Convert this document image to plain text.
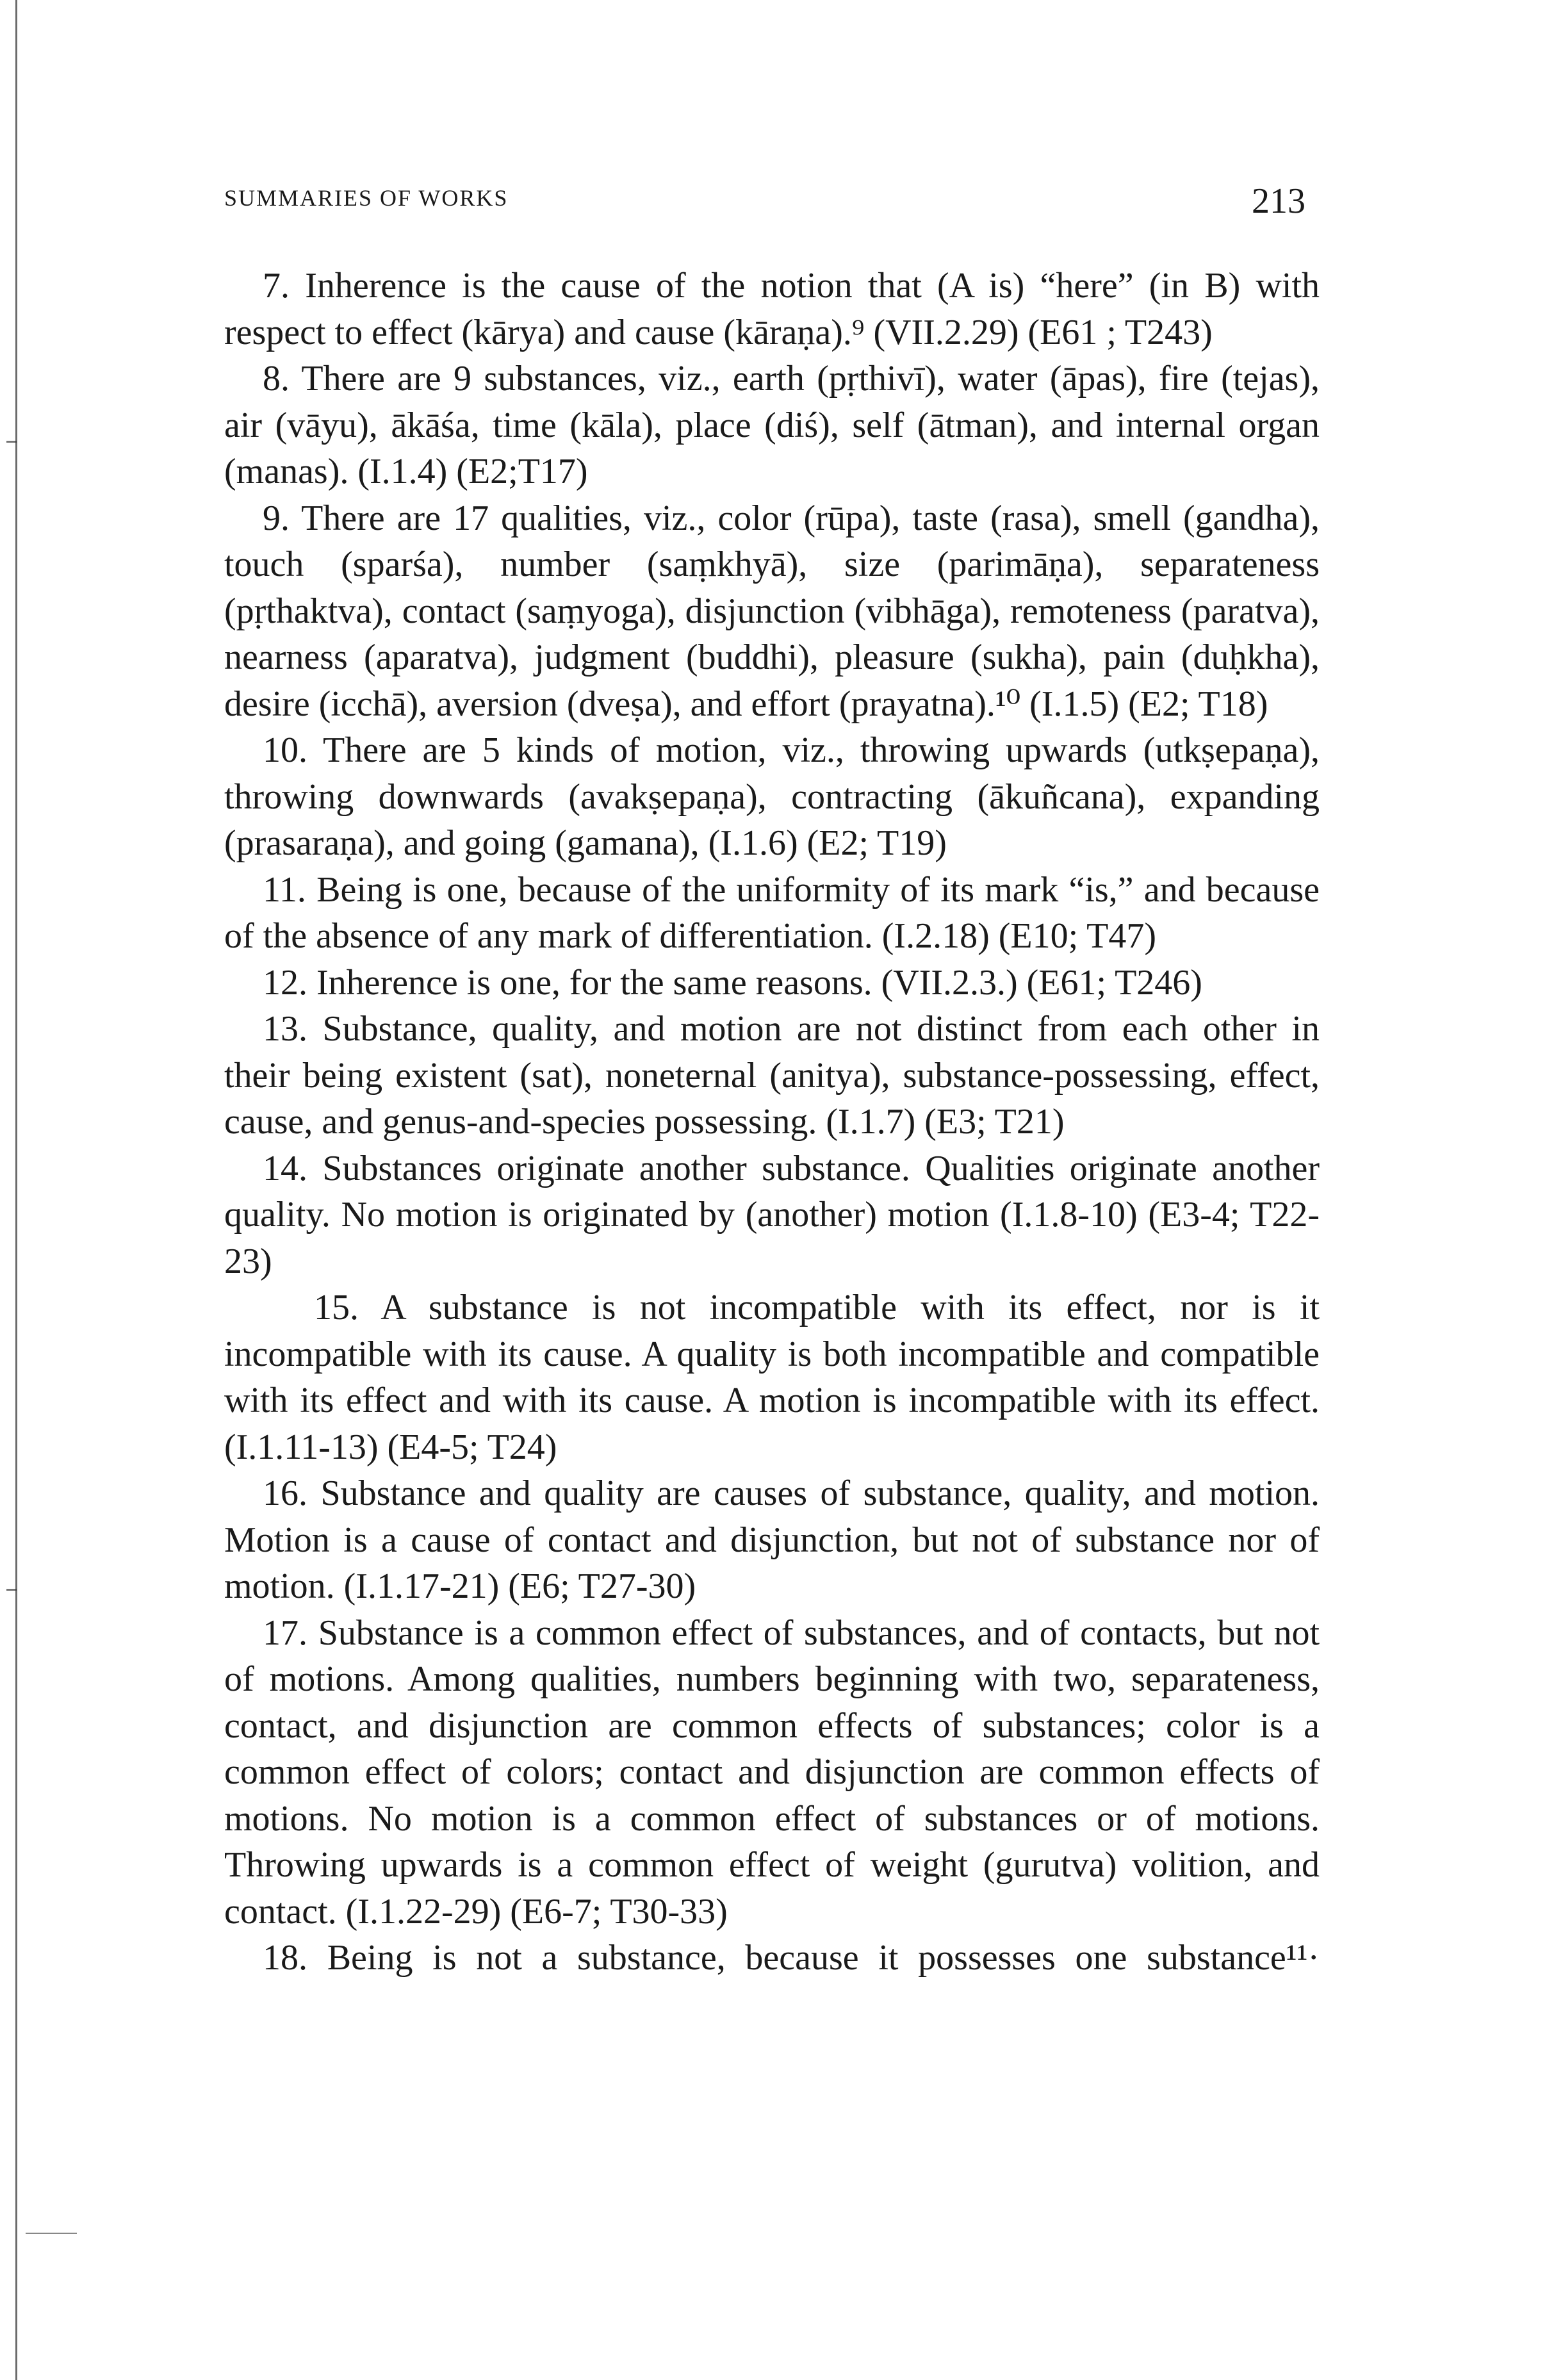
SUMMARIES OF WORKS	213

7. Inherence is the cause of the notion that (A is) “here” (in B) with respect to effect (kārya) and cause (kāraṇa).⁹ (VII.2.29) (E61 ; T243)

8. There are 9 substances, viz., earth (pṛthivī), water (āpas), fire (tejas), air (vāyu), ākāśa, time (kāla), place (diś), self (ātman), and internal organ (manas). (I.1.4) (E2;T17)

9. There are 17 qualities, viz., color (rūpa), taste (rasa), smell (gandha), touch (sparśa), number (saṃkhyā), size (parimāṇa), separateness (pṛthaktva), contact (saṃyoga), disjunction (vibhāga), remoteness (paratva), nearness (aparatva), judgment (buddhi), pleasure (sukha), pain (duḥkha), desire (icchā), aversion (dveṣa), and effort (prayatna).¹⁰ (I.1.5) (E2; T18)

10. There are 5 kinds of motion, viz., throwing upwards (utkṣepaṇa), throwing downwards (avakṣepaṇa), contracting (ākuñcana), expanding (prasaraṇa), and going (gamana), (I.1.6) (E2; T19)

11. Being is one, because of the uniformity of its mark “is,” and because of the absence of any mark of differentiation. (I.2.18) (E10; T47)

12. Inherence is one, for the same reasons. (VII.2.3.) (E61; T246)

13. Substance, quality, and motion are not distinct from each other in their being existent (sat), noneternal (anitya), substance-possessing, effect, cause, and genus-and-species possessing. (I.1.7) (E3; T21)

14. Substances originate another substance. Qualities originate another quality. No motion is originated by (another) motion (I.1.8-10) (E3-4; T22-23)

15. A substance is not incompatible with its effect, nor is it incompatible with its cause. A quality is both incompatible and compatible with its effect and with its cause. A motion is incompatible with its effect. (I.1.11-13) (E4-5; T24)

16. Substance and quality are causes of substance, quality, and motion. Motion is a cause of contact and disjunction, but not of substance nor of motion. (I.1.17-21) (E6; T27-30)

17. Substance is a common effect of substances, and of contacts, but not of motions. Among qualities, numbers beginning with two, separateness, contact, and disjunction are common effects of substances; color is a common effect of colors; contact and disjunction are common effects of motions. No motion is a common effect of substances or of motions. Throwing upwards is a common effect of weight (gurutva) volition, and contact. (I.1.22-29) (E6-7; T30-33)

18. Being is not a substance, because it possesses one substance¹¹·
